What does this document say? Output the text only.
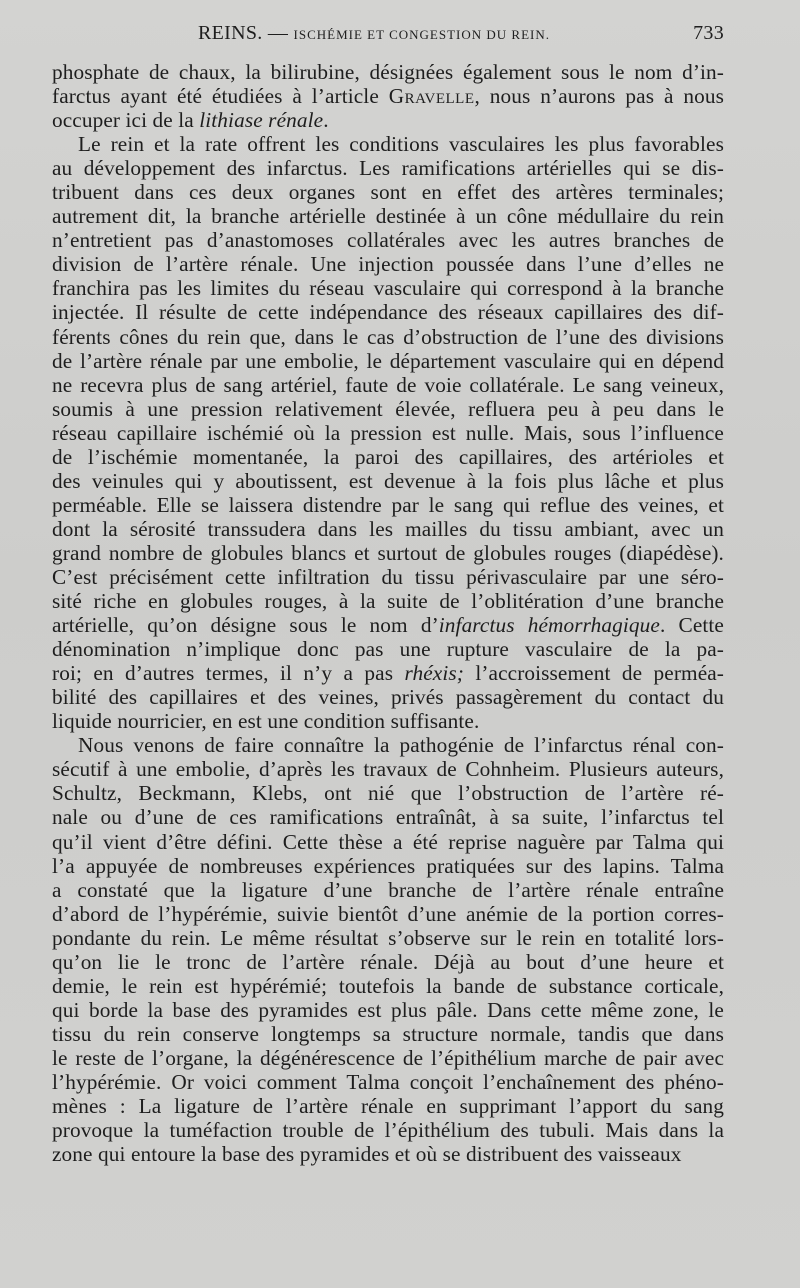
REINS. — ISCHÉMIE ET CONGESTION DU REIN.	733
phosphate de chaux, la bilirubine, désignées également sous le nom d’in-
farctus ayant été étudiées à l’article Gravelle, nous n’aurons pas à nous
occuper ici de la lithiase rénale.
Le rein et la rate offrent les conditions vasculaires les plus favorables
au développement des infarctus. Les ramifications artérielles qui se dis-
tribuent dans ces deux organes sont en effet des artères terminales;
autrement dit, la branche artérielle destinée à un cône médullaire du rein
n’entretient pas d’anastomoses collatérales avec les autres branches de
division de l’artère rénale. Une injection poussée dans l’une d’elles ne
franchira pas les limites du réseau vasculaire qui correspond à la branche
injectée. Il résulte de cette indépendance des réseaux capillaires des dif-
férents cônes du rein que, dans le cas d’obstruction de l’une des divisions
de l’artère rénale par une embolie, le département vasculaire qui en dépend
ne recevra plus de sang artériel, faute de voie collatérale. Le sang veineux,
soumis à une pression relativement élevée, refluera peu à peu dans le
réseau capillaire ischémié où la pression est nulle. Mais, sous l’influence
de l’ischémie momentanée, la paroi des capillaires, des artérioles et
des veinules qui y aboutissent, est devenue à la fois plus lâche et plus
perméable. Elle se laissera distendre par le sang qui reflue des veines, et
dont la sérosité transsudera dans les mailles du tissu ambiant, avec un
grand nombre de globules blancs et surtout de globules rouges (diapédèse).
C’est précisément cette infiltration du tissu périvasculaire par une séro-
sité riche en globules rouges, à la suite de l’oblitération d’une branche
artérielle, qu’on désigne sous le nom d’infarctus hémorrhagique. Cette
dénomination n’implique donc pas une rupture vasculaire de la pa-
roi; en d’autres termes, il n’y a pas rhéxis; l’accroissement de perméa-
bilité des capillaires et des veines, privés passagèrement du contact du
liquide nourricier, en est une condition suffisante.
Nous venons de faire connaître la pathogénie de l’infarctus rénal con-
sécutif à une embolie, d’après les travaux de Cohnheim. Plusieurs auteurs,
Schultz, Beckmann, Klebs, ont nié que l’obstruction de l’artère ré-
nale ou d’une de ces ramifications entraînât, à sa suite, l’infarctus tel
qu’il vient d’être défini. Cette thèse a été reprise naguère par Talma qui
l’a appuyée de nombreuses expériences pratiquées sur des lapins. Talma
a constaté que la ligature d’une branche de l’artère rénale entraîne
d’abord de l’hypérémie, suivie bientôt d’une anémie de la portion corres-
pondante du rein. Le même résultat s’observe sur le rein en totalité lors-
qu’on lie le tronc de l’artère rénale. Déjà au bout d’une heure et
demie, le rein est hypérémié; toutefois la bande de substance corticale,
qui borde la base des pyramides est plus pâle. Dans cette même zone, le
tissu du rein conserve longtemps sa structure normale, tandis que dans
le reste de l’organe, la dégénérescence de l’épithélium marche de pair avec
l’hypérémie. Or voici comment Talma conçoit l’enchaînement des phéno-
mènes : La ligature de l’artère rénale en supprimant l’apport du sang
provoque la tuméfaction trouble de l’épithélium des tubuli. Mais dans la
zone qui entoure la base des pyramides et où se distribuent des vaisseaux
